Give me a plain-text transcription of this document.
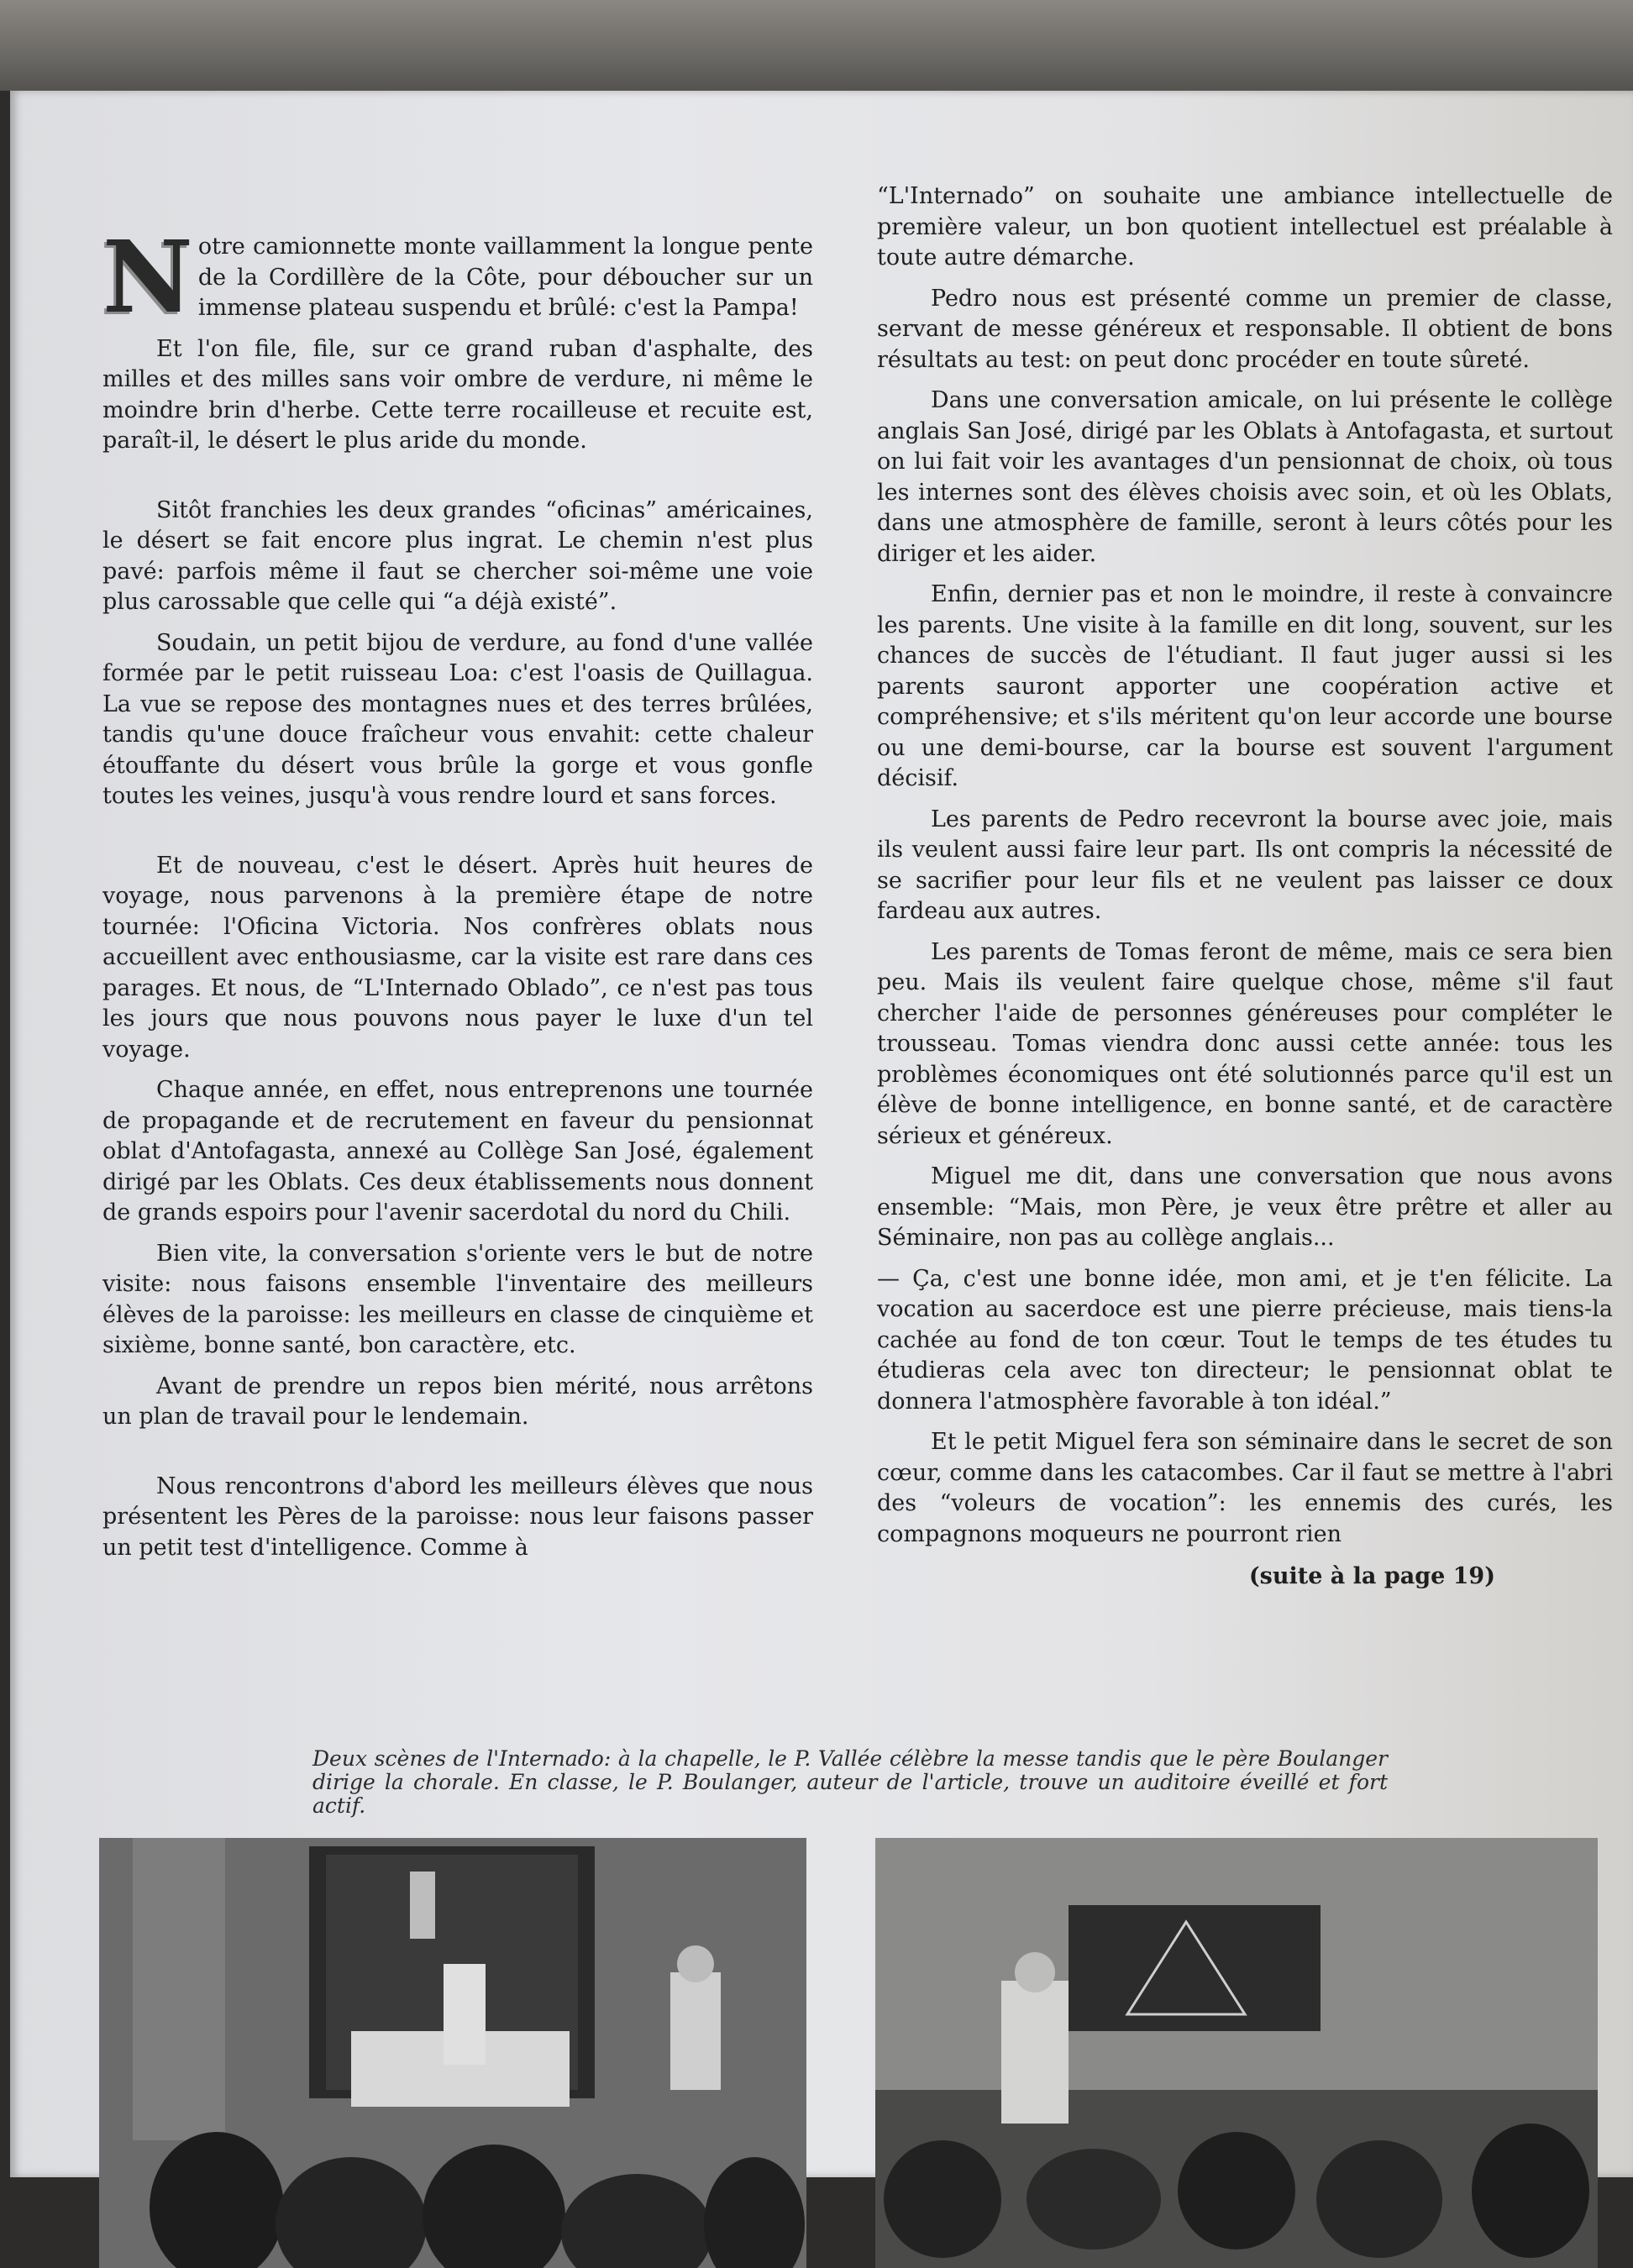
Notre camionnette monte vaillamment la longue pente de la Cordillère de la Côte, pour déboucher sur un immense plateau suspendu et brûlé: c'est la Pampa!

Et l'on file, file, sur ce grand ruban d'asphalte, des milles et des milles sans voir ombre de verdure, ni même le moindre brin d'herbe. Cette terre rocailleuse et recuite est, paraît-il, le désert le plus aride du monde.

Sitôt franchies les deux grandes “oficinas” américaines, le désert se fait encore plus ingrat. Le chemin n'est plus pavé: parfois même il faut se chercher soi-même une voie plus carossable que celle qui “a déjà existé”.

Soudain, un petit bijou de verdure, au fond d'une vallée formée par le petit ruisseau Loa: c'est l'oasis de Quillagua. La vue se repose des montagnes nues et des terres brûlées, tandis qu'une douce fraîcheur vous envahit: cette chaleur étouffante du désert vous brûle la gorge et vous gonfle toutes les veines, jusqu'à vous rendre lourd et sans forces.

Et de nouveau, c'est le désert. Après huit heures de voyage, nous parvenons à la première étape de notre tournée: l'Oficina Victoria. Nos confrères oblats nous accueillent avec enthousiasme, car la visite est rare dans ces parages. Et nous, de “L'Internado Oblado”, ce n'est pas tous les jours que nous pouvons nous payer le luxe d'un tel voyage.

Chaque année, en effet, nous entreprenons une tournée de propagande et de recrutement en faveur du pensionnat oblat d'Antofagasta, annexé au Collège San José, également dirigé par les Oblats. Ces deux établissements nous donnent de grands espoirs pour l'avenir sacerdotal du nord du Chili.

Bien vite, la conversation s'oriente vers le but de notre visite: nous faisons ensemble l'inventaire des meilleurs élèves de la paroisse: les meilleurs en classe de cinquième et sixième, bonne santé, bon caractère, etc.

Avant de prendre un repos bien mérité, nous arrêtons un plan de travail pour le lendemain.

Nous rencontrons d'abord les meilleurs élèves que nous présentent les Pères de la paroisse: nous leur faisons passer un petit test d'intelligence. Comme à

“L'Internado” on souhaite une ambiance intellectuelle de première valeur, un bon quotient intellectuel est préalable à toute autre démarche.

Pedro nous est présenté comme un premier de classe, servant de messe généreux et responsable. Il obtient de bons résultats au test: on peut donc procéder en toute sûreté.

Dans une conversation amicale, on lui présente le collège anglais San José, dirigé par les Oblats à Antofagasta, et surtout on lui fait voir les avantages d'un pensionnat de choix, où tous les internes sont des élèves choisis avec soin, et où les Oblats, dans une atmosphère de famille, seront à leurs côtés pour les diriger et les aider.

Enfin, dernier pas et non le moindre, il reste à convaincre les parents. Une visite à la famille en dit long, souvent, sur les chances de succès de l'étudiant. Il faut juger aussi si les parents sauront apporter une coopération active et compréhensive; et s'ils méritent qu'on leur accorde une bourse ou une demi-bourse, car la bourse est souvent l'argument décisif.

Les parents de Pedro recevront la bourse avec joie, mais ils veulent aussi faire leur part. Ils ont compris la nécessité de se sacrifier pour leur fils et ne veulent pas laisser ce doux fardeau aux autres.

Les parents de Tomas feront de même, mais ce sera bien peu. Mais ils veulent faire quelque chose, même s'il faut chercher l'aide de personnes généreuses pour compléter le trousseau. Tomas viendra donc aussi cette année: tous les problèmes économiques ont été solutionnés parce qu'il est un élève de bonne intelligence, en bonne santé, et de caractère sérieux et généreux.

Miguel me dit, dans une conversation que nous avons ensemble: “Mais, mon Père, je veux être prêtre et aller au Séminaire, non pas au collège anglais...

— Ça, c'est une bonne idée, mon ami, et je t'en félicite. La vocation au sacerdoce est une pierre précieuse, mais tiens-la cachée au fond de ton cœur. Tout le temps de tes études tu étudieras cela avec ton directeur; le pensionnat oblat te donnera l'atmosphère favorable à ton idéal.”

Et le petit Miguel fera son séminaire dans le secret de son cœur, comme dans les catacombes. Car il faut se mettre à l'abri des “voleurs de vocation”: les ennemis des curés, les compagnons moqueurs ne pourront rien

(suite à la page 19)
Deux scènes de l'Internado: à la chapelle, le P. Vallée célèbre la messe tandis que le père Boulanger dirige la chorale. En classe, le P. Boulanger, auteur de l'article, trouve un auditoire éveillé et fort actif.
